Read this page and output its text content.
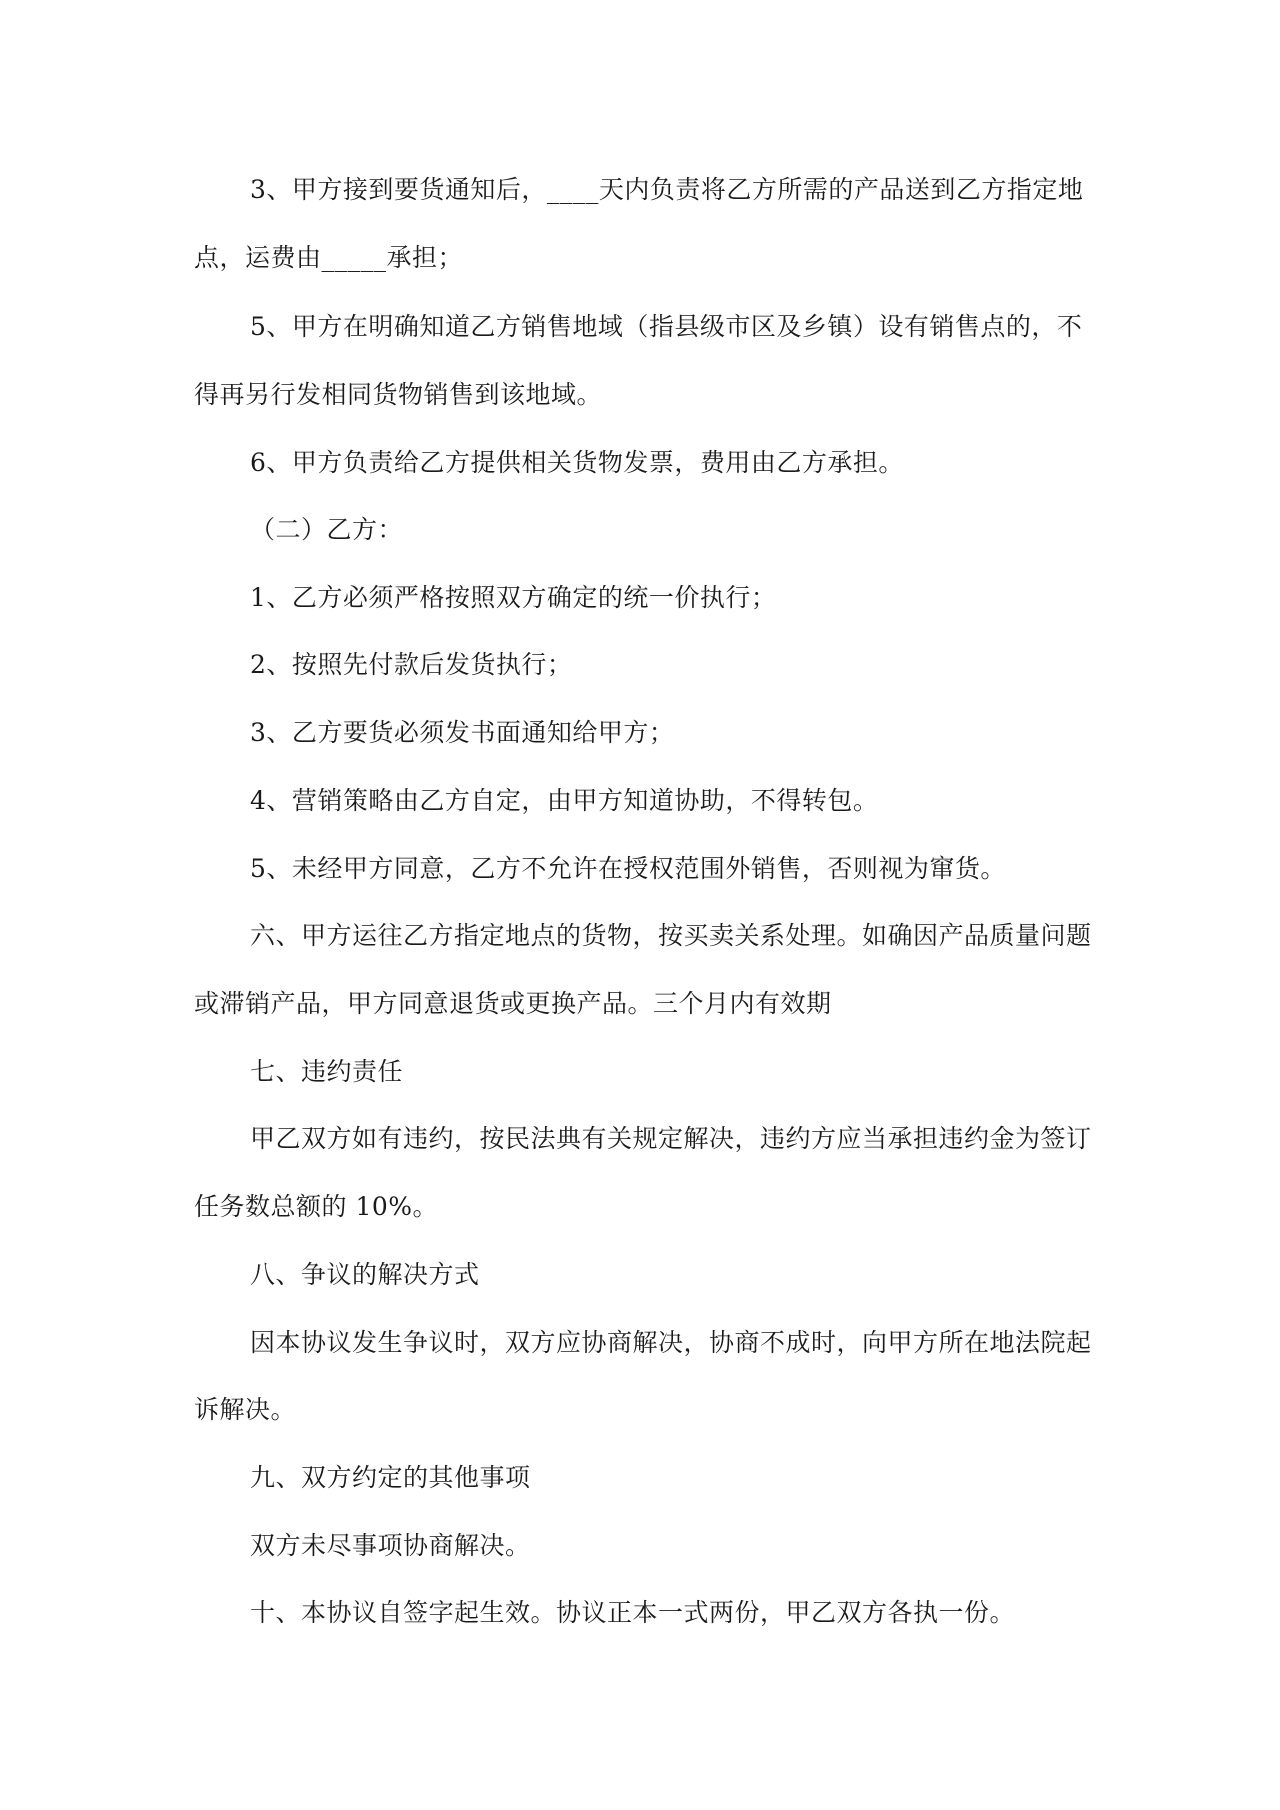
3、甲方接到要货通知后，____天内负责将乙方所需的产品送到乙方指定地
点，运费由_____承担；
5、甲方在明确知道乙方销售地域（指县级市区及乡镇）设有销售点的，不
得再另行发相同货物销售到该地域。
6、甲方负责给乙方提供相关货物发票，费用由乙方承担。
（二）乙方：
1、乙方必须严格按照双方确定的统一价执行；
2、按照先付款后发货执行；
3、乙方要货必须发书面通知给甲方；
4、营销策略由乙方自定，由甲方知道协助，不得转包。
5、未经甲方同意，乙方不允许在授权范围外销售，否则视为窜货。
六、甲方运往乙方指定地点的货物，按买卖关系处理。如确因产品质量问题
或滞销产品，甲方同意退货或更换产品。三个月内有效期
七、违约责任
甲乙双方如有违约，按民法典有关规定解决，违约方应当承担违约金为签订
任务数总额的 10%。
八、争议的解决方式
因本协议发生争议时，双方应协商解决，协商不成时，向甲方所在地法院起
诉解决。
九、双方约定的其他事项
双方未尽事项协商解决。
十、本协议自签字起生效。协议正本一式两份，甲乙双方各执一份。
